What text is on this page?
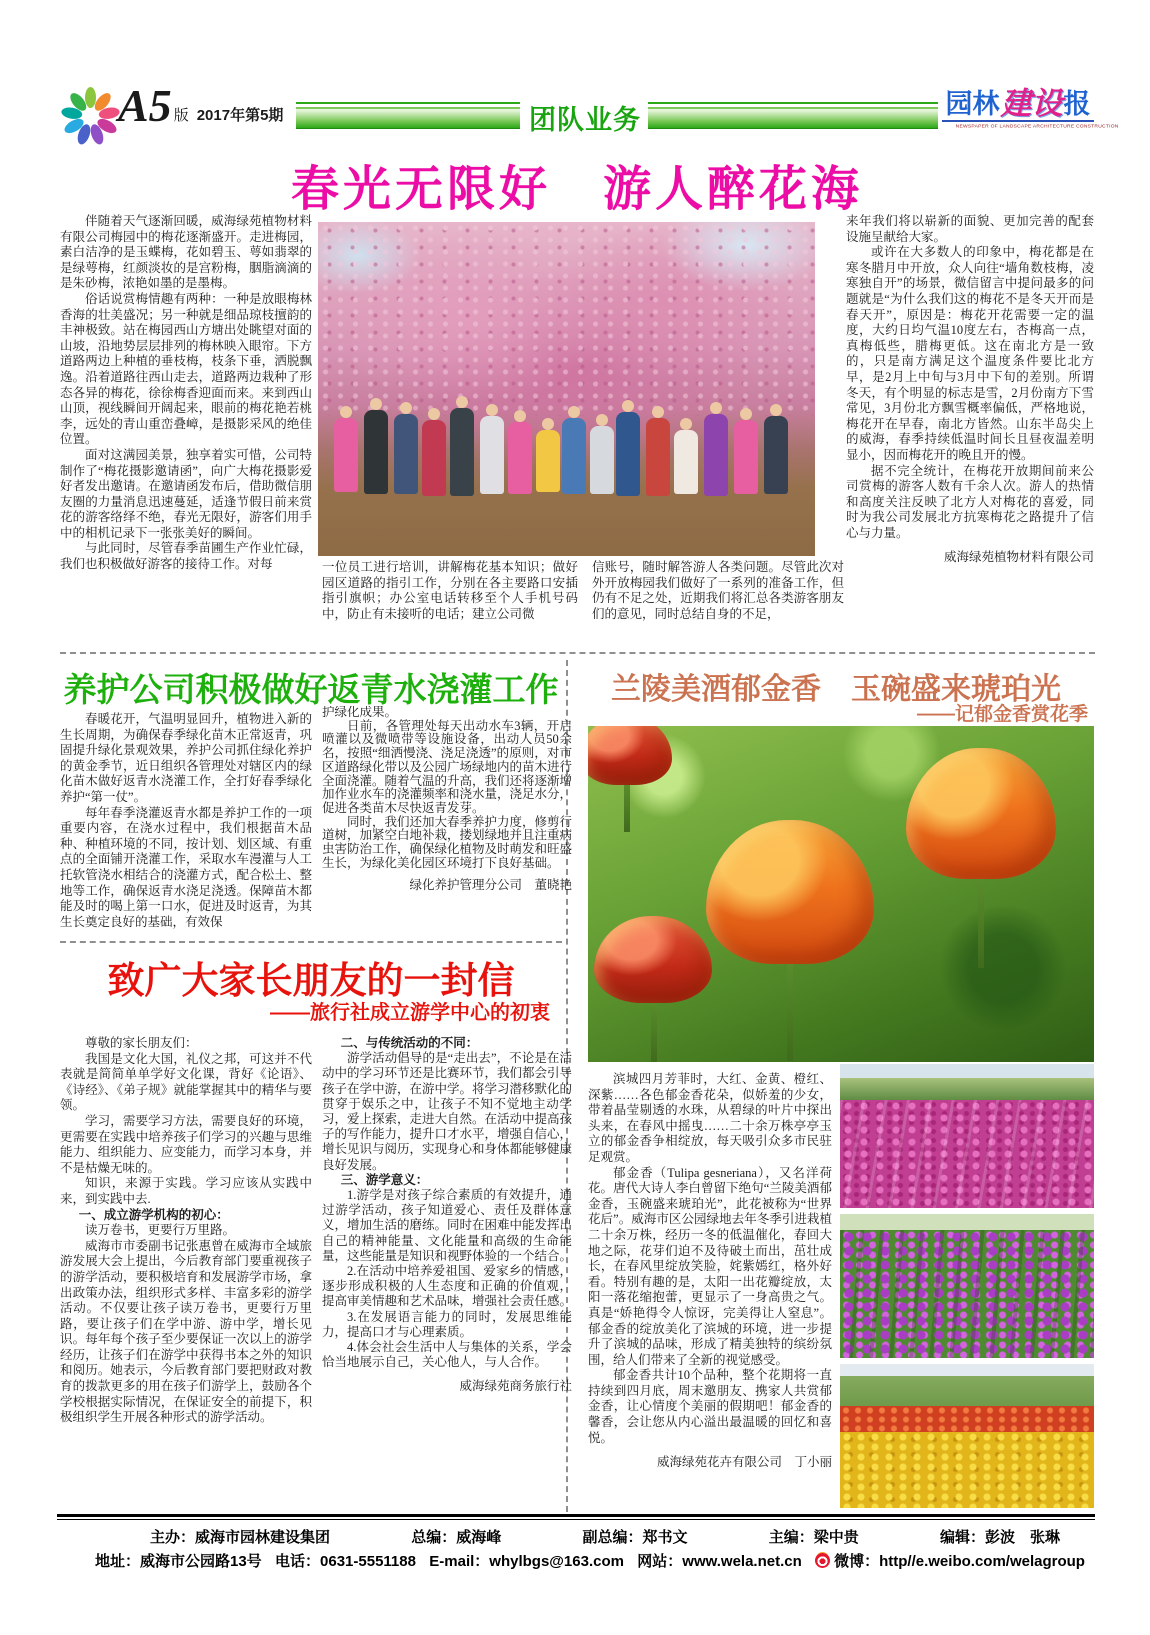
A5 版 2017年第5期	团队业务
园林 建设 报
NEWSPAPER OF LANDSCAPE ARCHITECTURE CONSTRUCTION
春光无限好　游人醉花海

伴随着天气逐渐回暖，威海绿苑植物材料有限公司梅园中的梅花逐渐盛开。走进梅园，素白洁净的是玉蝶梅，花如碧玉、萼如翡翠的是绿萼梅，红颜淡妆的是宫粉梅，胭脂滴滴的是朱砂梅，浓艳如墨的是墨梅。

俗话说赏梅情趣有两种：一种是放眼梅林香海的壮美盛况；另一种就是细品琼枝擅韵的丰神极致。站在梅园西山方塘出处眺望对面的山坡，沿地势层层排列的梅林映入眼帘。下方道路两边上种植的垂枝梅，枝条下垂，洒脱飘逸。沿着道路往西山走去，道路两边栽种了形态各异的梅花，徐徐梅香迎面而来。来到西山山顶，视线瞬间开阔起来，眼前的梅花艳若桃李，远处的青山重峦叠嶂，是摄影采风的绝佳位置。

面对这满园美景，独享着实可惜，公司特制作了“梅花摄影邀请函”，向广大梅花摄影爱好者发出邀请。在邀请函发布后，借助微信朋友圈的力量消息迅速蔓延，适逢节假日前来赏花的游客络绎不绝，春光无限好，游客们用手中的相机记录下一张张美好的瞬间。

与此同时，尽管春季苗圃生产作业忙碌，我们也积极做好游客的接待工作。对每	一位员工进行培训，讲解梅花基本知识；做好园区道路的指引工作，分别在各主要路口安插指引旗帜；办公室电话转移至个人手机号码中，防止有未接听的电话；建立公司微

信账号，随时解答游人各类问题。尽管此次对外开放梅园我们做好了一系列的准备工作，但仍有不足之处，近期我们将汇总各类游客朋友们的意见，同时总结自身的不足，

来年我们将以崭新的面貌、更加完善的配套设施呈献给大家。

或许在大多数人的印象中，梅花都是在寒冬腊月中开放，众人向往“墙角数枝梅，凌寒独自开”的场景，微信留言中提问最多的问题就是“为什么我们这的梅花不是冬天开而是春天开”，原因是：梅花开花需要一定的温度，大约日均气温10度左右，杏梅高一点，真梅低些，腊梅更低。这在南北方是一致的，只是南方满足这个温度条件要比北方早，是2月上中旬与3月中下旬的差别。所谓冬天，有个明显的标志是雪，2月份南方下雪常见，3月份北方飘雪概率偏低，严格地说，梅花开在早春，南北方皆然。山东半岛尖上的威海，春季持续低温时间长且昼夜温差明显小，因而梅花开的晚且开的慢。

据不完全统计，在梅花开放期间前来公司赏梅的游客人数有千余人次。游人的热情和高度关注反映了北方人对梅花的喜爱，同时为我公司发展北方抗寒梅花之路提升了信心与力量。

威海绿苑植物材料有限公司

养护公司积极做好返青水浇灌工作

春暖花开，气温明显回升，植物进入新的生长周期，为确保春季绿化苗木正常返青，巩固提升绿化景观效果，养护公司抓住绿化养护的黄金季节，近日组织各管理处对辖区内的绿化苗木做好返青水浇灌工作，全打好春季绿化养护“第一仗”。

每年春季浇灌返青水都是养护工作的一项重要内容，在浇水过程中，我们根据苗木品种、种植环境的不同，按计划、划区域、有重点的全面铺开浇灌工作，采取水车漫灌与人工托软管浇水相结合的浇灌方式，配合松土、整地等工作，确保返青水浇足浇透。保障苗木都能及时的喝上第一口水，促进及时返青，为其生长奠定良好的基础，有效保

护绿化成果。

日前，各管理处每天出动水车3辆，开启喷灌以及微喷带等设施设备，出动人员50余名，按照“细洒慢浇、浇足浇透”的原则，对市区道路绿化带以及公园广场绿地内的苗木进行全面浇灌。随着气温的升高，我们还将逐渐增加作业水车的浇灌频率和浇水量，浇足水分，促进各类苗木尽快返青发芽。

同时，我们还加大春季养护力度，修剪行道树，加紧空白地补栽，搂划绿地并且注重病虫害防治工作，确保绿化植物及时萌发和旺盛生长，为绿化美化园区环境打下良好基础。

绿化养护管理分公司　董晓艳

兰陵美酒郁金香　玉碗盛来琥珀光
——记郁金香赏花季

滨城四月芳菲时，大红、金黄、橙红、深紫……各色郁金香花朵，似娇羞的少女，带着晶莹剔透的水珠，从碧绿的叶片中探出头来，在春风中摇曳……二十余万株亭亭玉立的郁金香争相绽放，每天吸引众多市民驻足观赏。

郁金香（Tulipa gesneriana），又名洋荷花。唐代大诗人李白曾留下绝句“兰陵美酒郁金香，玉碗盛来琥珀光”，此花被称为“世界花后”。威海市区公园绿地去年冬季引进栽植二十余万株，经历一冬的低温催化，春回大地之际，花芽们迫不及待破土而出，茁壮成长，在春风里绽放笑脸，姹紫嫣红，格外好看。特别有趣的是，太阳一出花瓣绽放，太阳一落花缩抱蕾，更显示了一身高贵之气。真是“娇艳得令人惊讶，完美得让人窒息”。郁金香的绽放美化了滨城的环境，进一步提升了滨城的品味，形成了精美独特的缤纷氛围，给人们带来了全新的视觉感受。

郁金香共计10个品种，整个花期将一直持续到四月底，周末邀朋友、携家人共赏郁金香，让心情度个美丽的假期吧！郁金香的馨香，会让您从内心溢出最温暖的回忆和喜悦。

威海绿苑花卉有限公司　丁小丽

致广大家长朋友的一封信
——旅行社成立游学中心的初衷

尊敬的家长朋友们：

我国是文化大国，礼仪之邦，可这并不代表就是简简单单学好文化课，背好《论语》、《诗经》、《弟子规》就能掌握其中的精华与要领。

学习，需要学习方法，需要良好的环境，更需要在实践中培养孩子们学习的兴趣与思维能力、组织能力、应变能力，而学习本身，并不是枯燥无味的。

知识，来源于实践。学习应该从实践中来，到实践中去.

一、成立游学机构的初心：

读万卷书，更要行万里路。

威海市市委副书记张惠曾在威海市全域旅游发展大会上提出，今后教育部门要重视孩子的游学活动，要积极培育和发展游学市场，拿出政策办法，组织形式多样、丰富多彩的游学活动。不仅要让孩子读万卷书，更要行万里路，要让孩子们在学中游、游中学，增长见识。每年每个孩子至少要保证一次以上的游学经历，让孩子们在游学中获得书本之外的知识和阅历。她表示，今后教育部门要把财政对教育的拨款更多的用在孩子们游学上，鼓励各个学校根据实际情况，在保证安全的前提下，积极组织学生开展各种形式的游学活动。

二、与传统活动的不同：

游学活动倡导的是“走出去”，不论是在活动中的学习环节还是比赛环节，我们都会引导孩子在学中游，在游中学。将学习潜移默化的贯穿于娱乐之中，让孩子不知不觉地主动学习，爱上探索，走进大自然。在活动中提高孩子的写作能力，提升口才水平，增强自信心，增长见识与阅历，实现身心和身体都能够健康良好发展。

三、游学意义：

1.游学是对孩子综合素质的有效提升，通过游学活动，孩子知道爱心、责任及群体意义，增加生活的磨练。同时在困难中能发挥出自己的精神能量、文化能量和高级的生命能量，这些能量是知识和视野体验的一个结合。

2.在活动中培养爱祖国、爱家乡的情感，逐步形成积极的人生态度和正确的价值观， 提高审美情趣和艺术品味，增强社会责任感。

3.在发展语言能力的同时，发展思维能力，提高口才与心理素质。

4.体会社会生活中人与集体的关系，学会恰当地展示自己，关心他人，与人合作。

威海绿苑商务旅行社

主办：威海市园林建设集团	总编：威海峰	副总编：郑书文	主编：梁中贵	编辑：彭波　张琳
地址：威海市公园路13号 电话：0631-5551188 E-mail：whylbgs@163.com 网站：www.wela.net.cn 微博：http//e.weibo.com/welagroup
